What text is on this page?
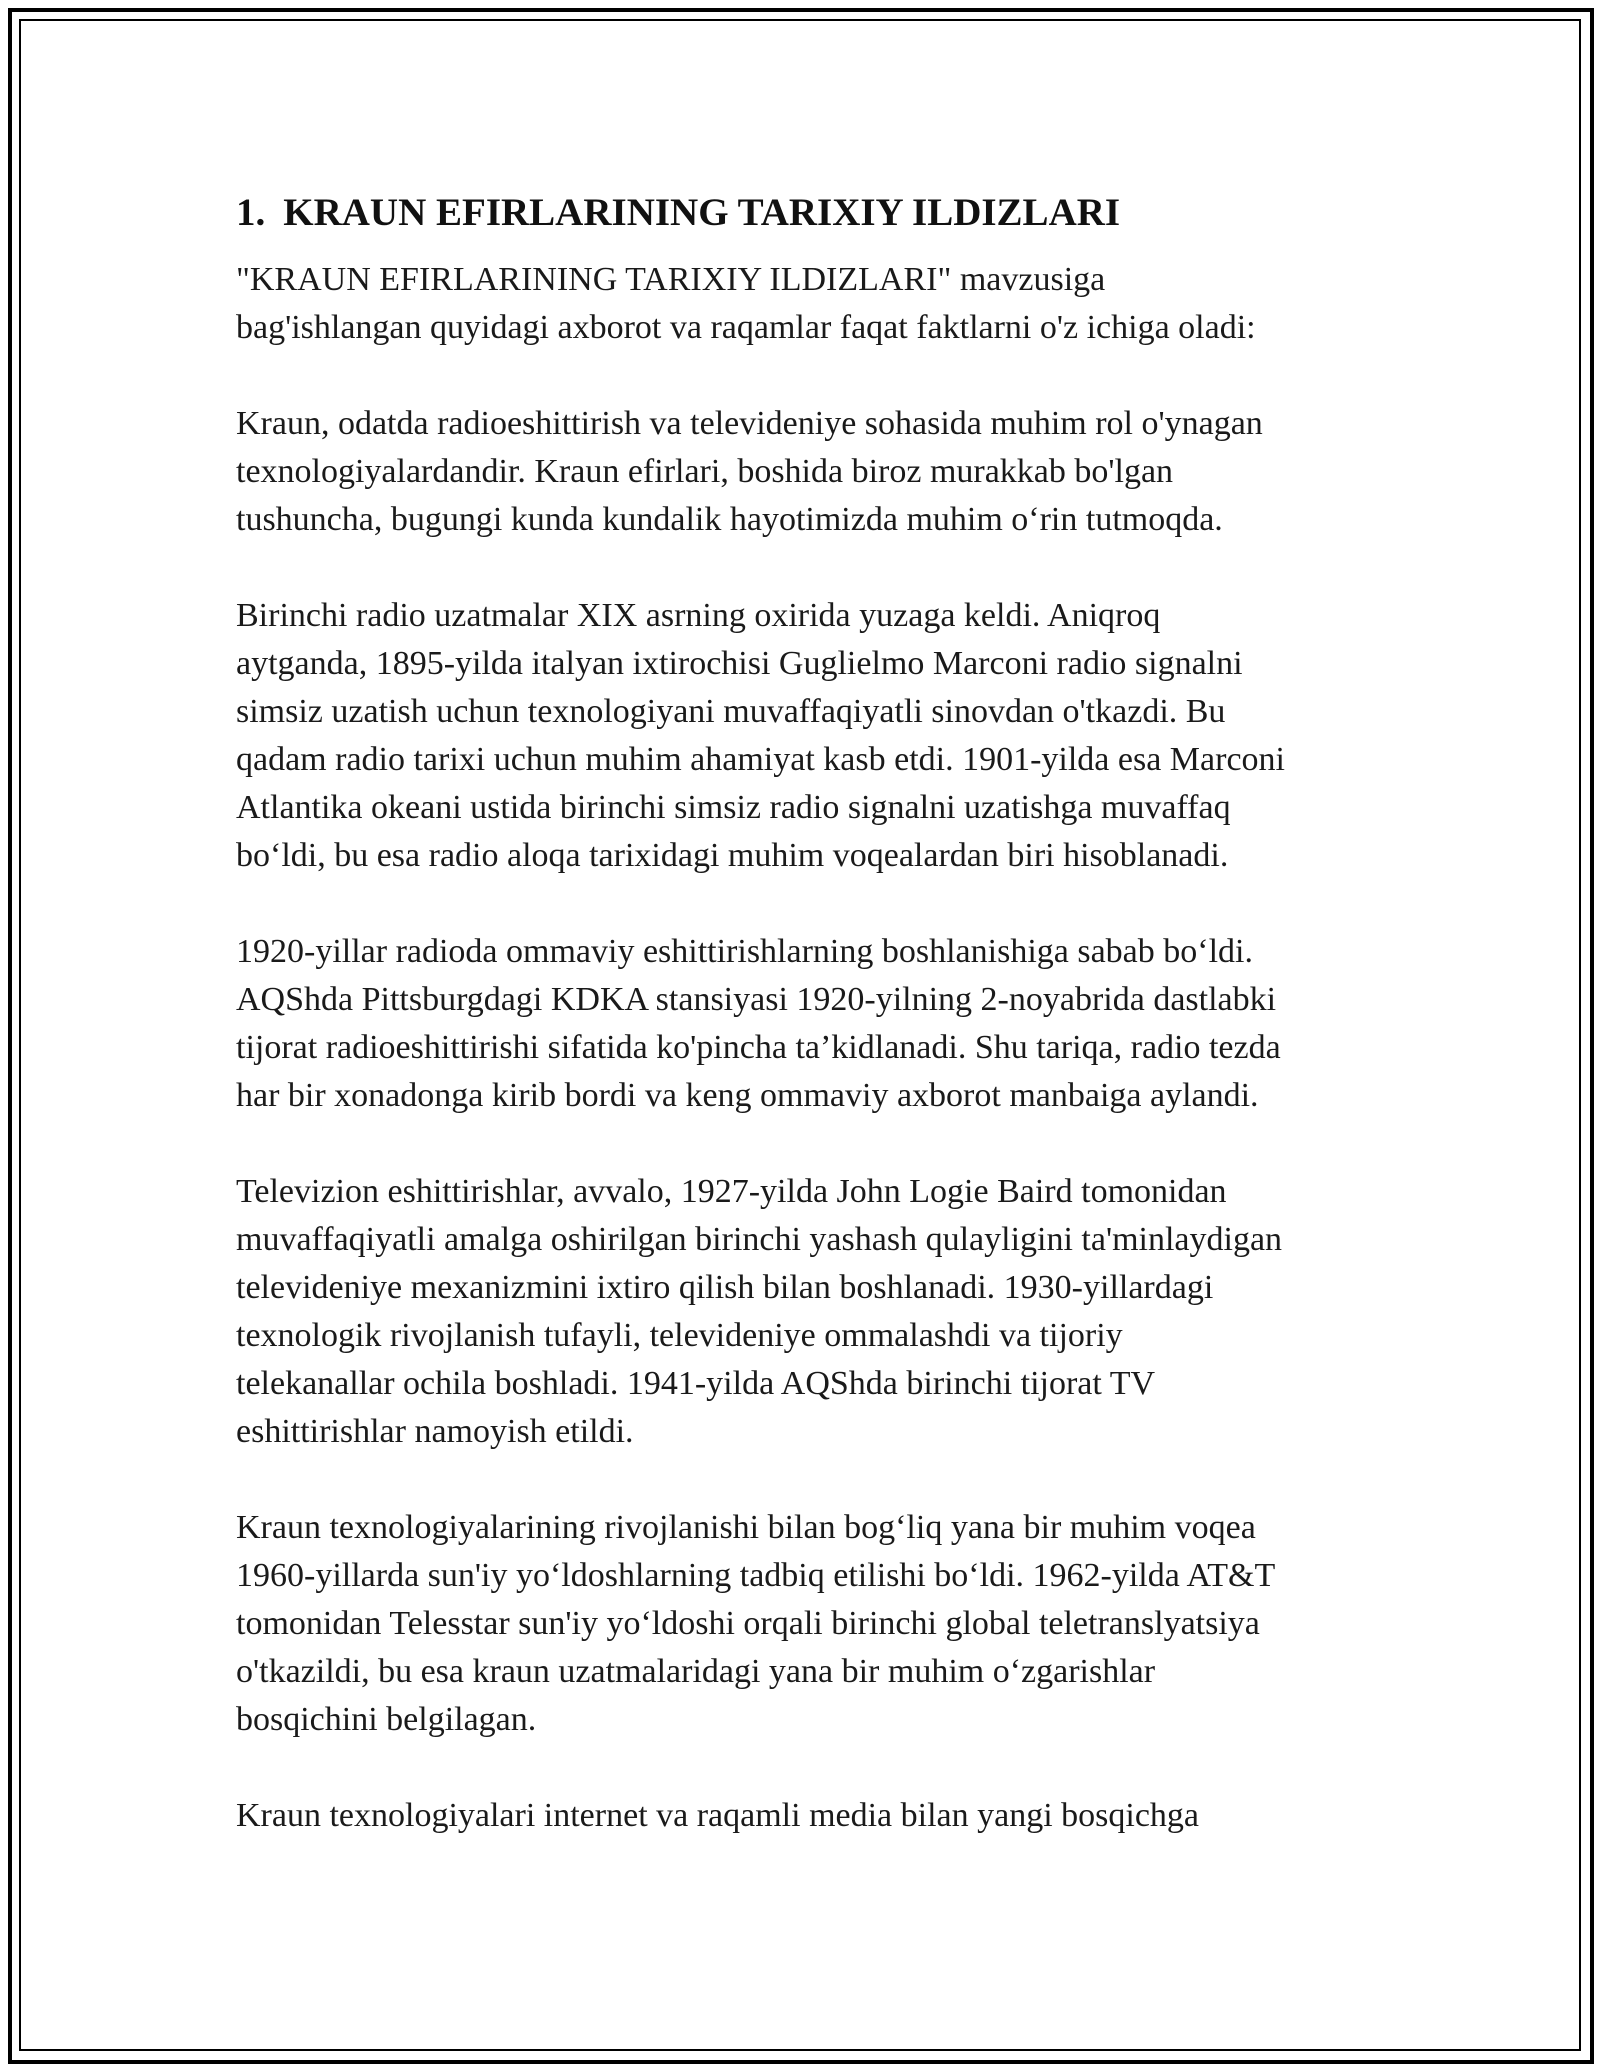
1. KRAUN EFIRLARINING TARIXIY ILDIZLARI

"KRAUN EFIRLARINING TARIXIY ILDIZLARI" mavzusiga
bag'ishlangan quyidagi axborot va raqamlar faqat faktlarni o'z ichiga oladi:

Kraun, odatda radioeshittirish va televideniye sohasida muhim rol o'ynagan
texnologiyalardandir. Kraun efirlari, boshida biroz murakkab bo'lgan
tushuncha, bugungi kunda kundalik hayotimizda muhim o‘rin tutmoqda.

Birinchi radio uzatmalar XIX asrning oxirida yuzaga keldi. Aniqroq
aytganda, 1895-yilda italyan ixtirochisi Guglielmo Marconi radio signalni
simsiz uzatish uchun texnologiyani muvaffaqiyatli sinovdan o'tkazdi. Bu
qadam radio tarixi uchun muhim ahamiyat kasb etdi. 1901-yilda esa Marconi
Atlantika okeani ustida birinchi simsiz radio signalni uzatishga muvaffaq
bo‘ldi, bu esa radio aloqa tarixidagi muhim voqealardan biri hisoblanadi.

1920-yillar radioda ommaviy eshittirishlarning boshlanishiga sabab bo‘ldi.
AQShda Pittsburgdagi KDKA stansiyasi 1920-yilning 2-noyabrida dastlabki
tijorat radioeshittirishi sifatida ko'pincha ta’kidlanadi. Shu tariqa, radio tezda
har bir xonadonga kirib bordi va keng ommaviy axborot manbaiga aylandi.

Televizion eshittirishlar, avvalo, 1927-yilda John Logie Baird tomonidan
muvaffaqiyatli amalga oshirilgan birinchi yashash qulayligini ta'minlaydigan
televideniye mexanizmini ixtiro qilish bilan boshlanadi. 1930-yillardagi
texnologik rivojlanish tufayli, televideniye ommalashdi va tijoriy
telekanallar ochila boshladi. 1941-yilda AQShda birinchi tijorat TV
eshittirishlar namoyish etildi.

Kraun texnologiyalarining rivojlanishi bilan bog‘liq yana bir muhim voqea
1960-yillarda sun'iy yo‘ldoshlarning tadbiq etilishi bo‘ldi. 1962-yilda AT&T
tomonidan Telesstar sun'iy yo‘ldoshi orqali birinchi global teletranslyatsiya
o'tkazildi, bu esa kraun uzatmalaridagi yana bir muhim o‘zgarishlar
bosqichini belgilagan.

Kraun texnologiyalari internet va raqamli media bilan yangi bosqichga
